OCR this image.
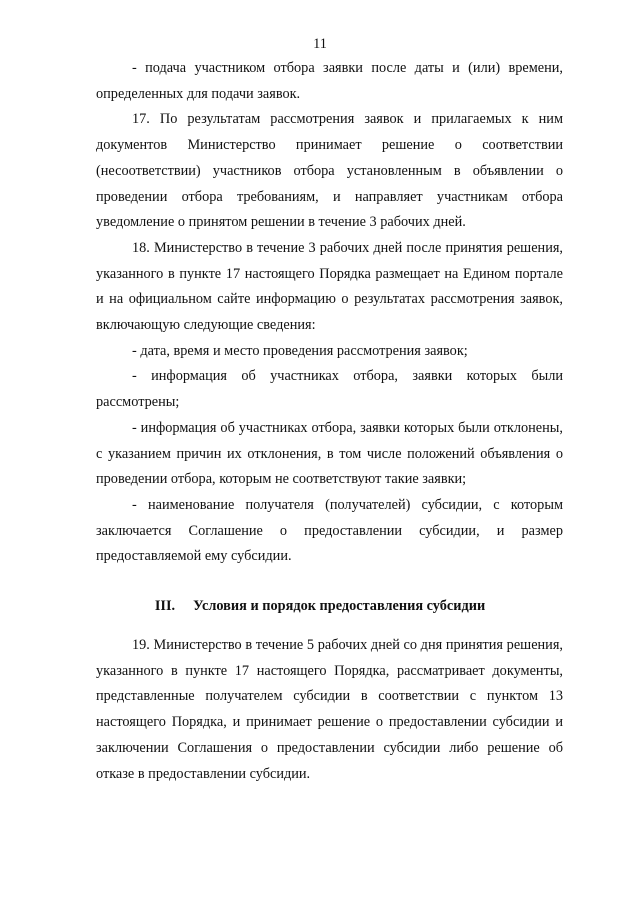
11

- подача участником отбора заявки после даты и (или) времени, определенных для подачи заявок.

17. По результатам рассмотрения заявок и прилагаемых к ним документов Министерство принимает решение о соответствии (несоответствии) участников отбора установленным в объявлении о проведении отбора требованиям, и направляет участникам отбора уведомление о принятом решении в течение 3 рабочих дней.

18. Министерство в течение 3 рабочих дней после принятия решения, указанного в пункте 17 настоящего Порядка размещает на Едином портале и на официальном сайте информацию о результатах рассмотрения заявок, включающую следующие сведения:

- дата, время и место проведения рассмотрения заявок;

- информация об участниках отбора, заявки которых были рассмотрены;

- информация об участниках отбора, заявки которых были отклонены, с указанием причин их отклонения, в том числе положений объявления о проведении отбора, которым не соответствуют такие заявки;

- наименование получателя (получателей) субсидии, с которым заключается Соглашение о предоставлении субсидии, и размер предоставляемой ему субсидии.

III. Условия и порядок предоставления субсидии

19. Министерство в течение 5 рабочих дней со дня принятия решения, указанного в пункте 17 настоящего Порядка, рассматривает документы, представленные получателем субсидии в соответствии с пунктом 13 настоящего Порядка, и принимает решение о предоставлении субсидии и заключении Соглашения о предоставлении субсидии либо решение об отказе в предоставлении субсидии.
